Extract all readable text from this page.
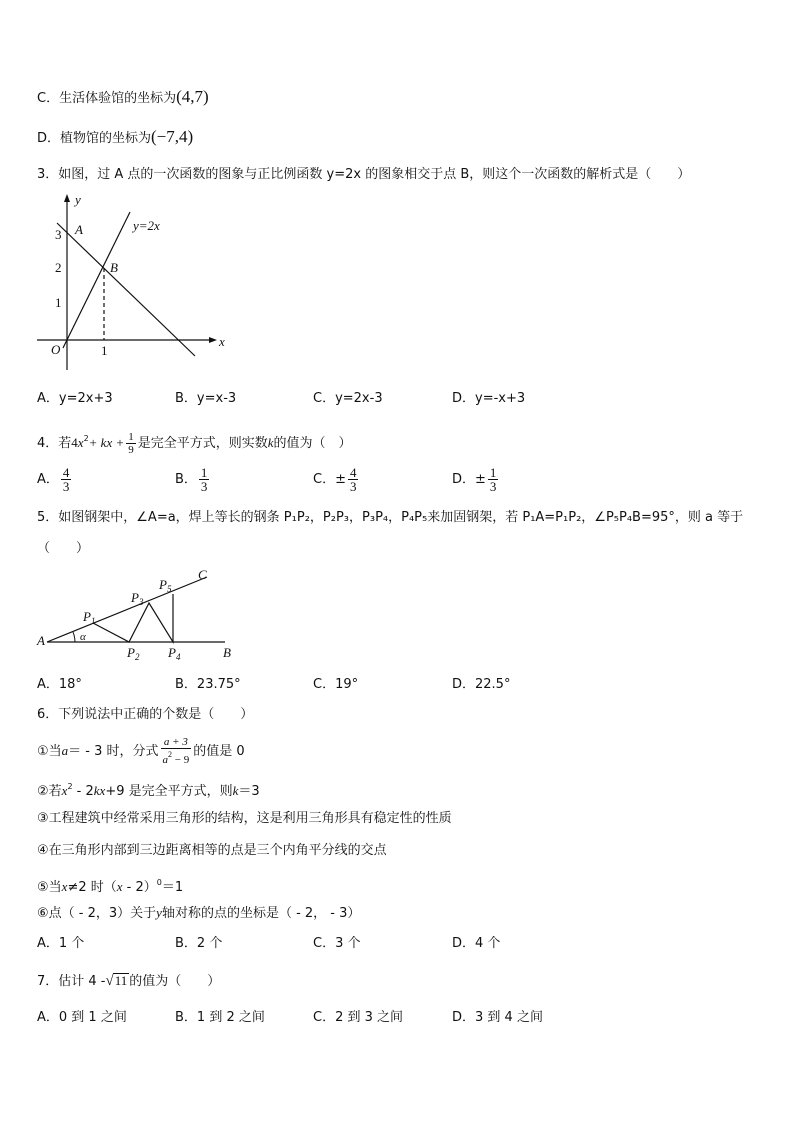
C．生活体验馆的坐标为(4,7)
D．植物馆的坐标为(−7,4)
3．如图，过 A 点的一次函数的图象与正比例函数 y=2x 的图象相交于点 B，则这个一次函数的解析式是（　　）
y=2x
y
x
O
A
B
3
2
1
1
A．y=2x+3	B．y=x-3	C．y=2x-3	D．y=-x+3
4．若$4x^2+$ kx + $\frac{1}{9}$ 是完全平方式，则实数k的值为（　）
A． $\frac{4}{3}$	B． $\frac{1}{3}$	C．± $\frac{4}{3}$	D．± $\frac{1}{3}$
5．如图钢架中，∠A=a，焊上等长的钢条 P₁P₂，P₂P₃，P₃P₄，P₄P₅来加固钢架，若 P₁A=P₁P₂，∠P₅P₄B=95°，则 a 等于
（　　）
A
B
C
α
$P_1$
$P_2$
$P_3$
$P_4$
$P_5$
A．18°	B．23.75°	C．19°	D．22.5°
6．下列说法中正确的个数是（　　）
①当a＝ - 3 时，分式 $\frac{a + 3}{a^2 - 9}$ 的值是 0
②若$x^2 - 2kx+9$ 是完全平方式，则k＝3
③工程建筑中经常采用三角形的结构，这是利用三角形具有稳定性的性质
④在三角形内部到三边距离相等的点是三个内角平分线的交点
⑤当x≠2 时（x - 2）$^0$＝1
⑥点（ - 2，3）关于y轴对称的点的坐标是（ - 2， - 3）
A．1 个	B．2 个	C．3 个	D．4 个
7．估计 4 -√11 的值为（　　）
A．0 到 1 之间	B．1 到 2 之间	C．2 到 3 之间	D．3 到 4 之间
